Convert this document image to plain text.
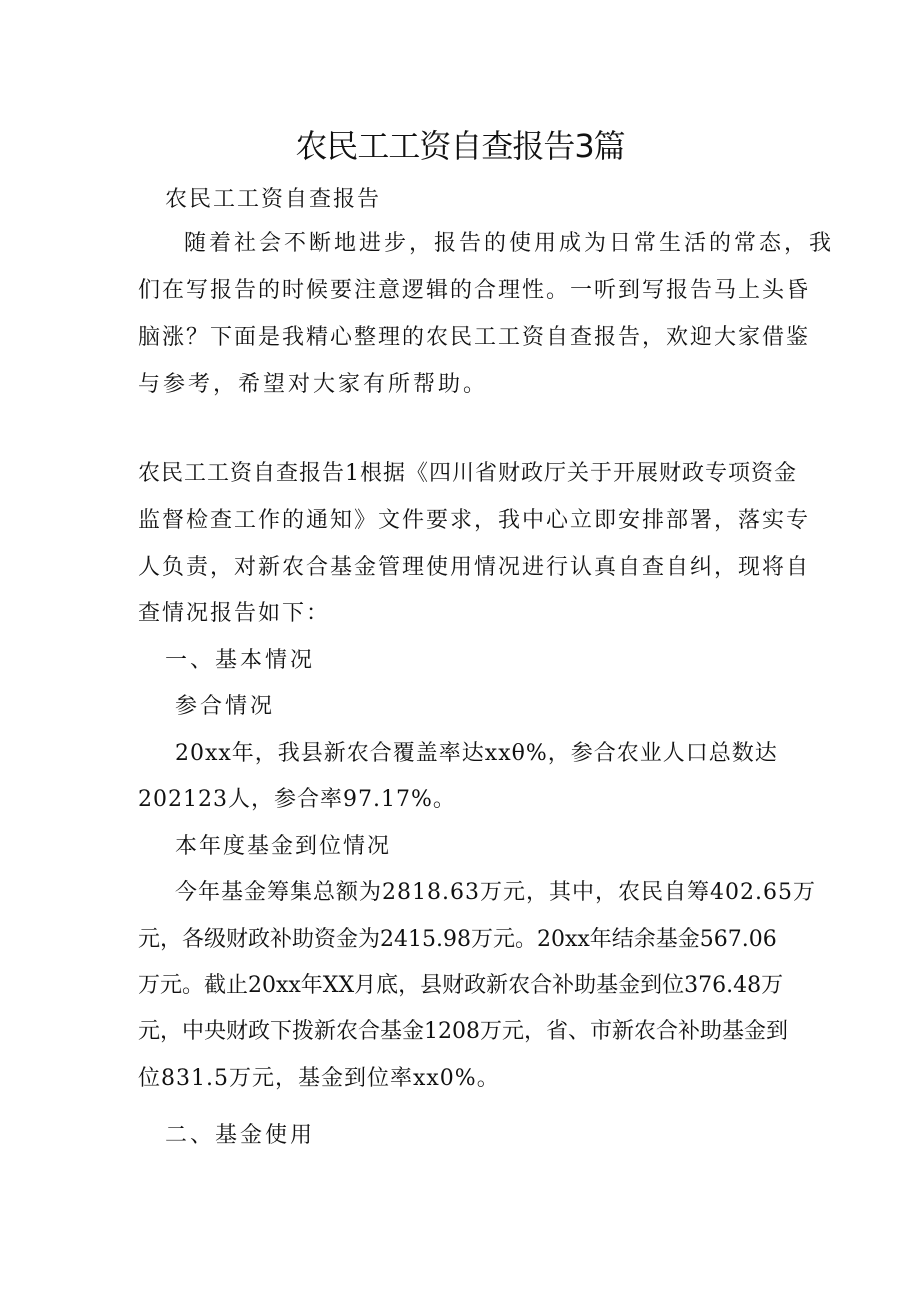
农民工工资自查报告3篇
农民工工资自查报告
随着社会不断地进步，报告的使用成为日常生活的常态，我
们在写报告的时候要注意逻辑的合理性。一听到写报告马上头昏
脑涨？下面是我精心整理的农民工工资自查报告，欢迎大家借鉴
与参考，希望对大家有所帮助。
农民工工资自查报告1根据《四川省财政厅关于开展财政专项资金
监督检查工作的通知》文件要求，我中心立即安排部署，落实专
人负责，对新农合基金管理使用情况进行认真自查自纠，现将自
查情况报告如下：
一、基本情况
参合情况
20xx年，我县新农合覆盖率达xxθ%，参合农业人口总数达
202123人，参合率97.17%。
本年度基金到位情况
今年基金筹集总额为2818.63万元，其中，农民自筹402.65万
元，各级财政补助资金为2415.98万元。20xx年结余基金567.06
万元。截止20xx年XX月底，县财政新农合补助基金到位376.48万
元，中央财政下拨新农合基金1208万元，省、市新农合补助基金到
位831.5万元，基金到位率xx0%。
二、基金使用
